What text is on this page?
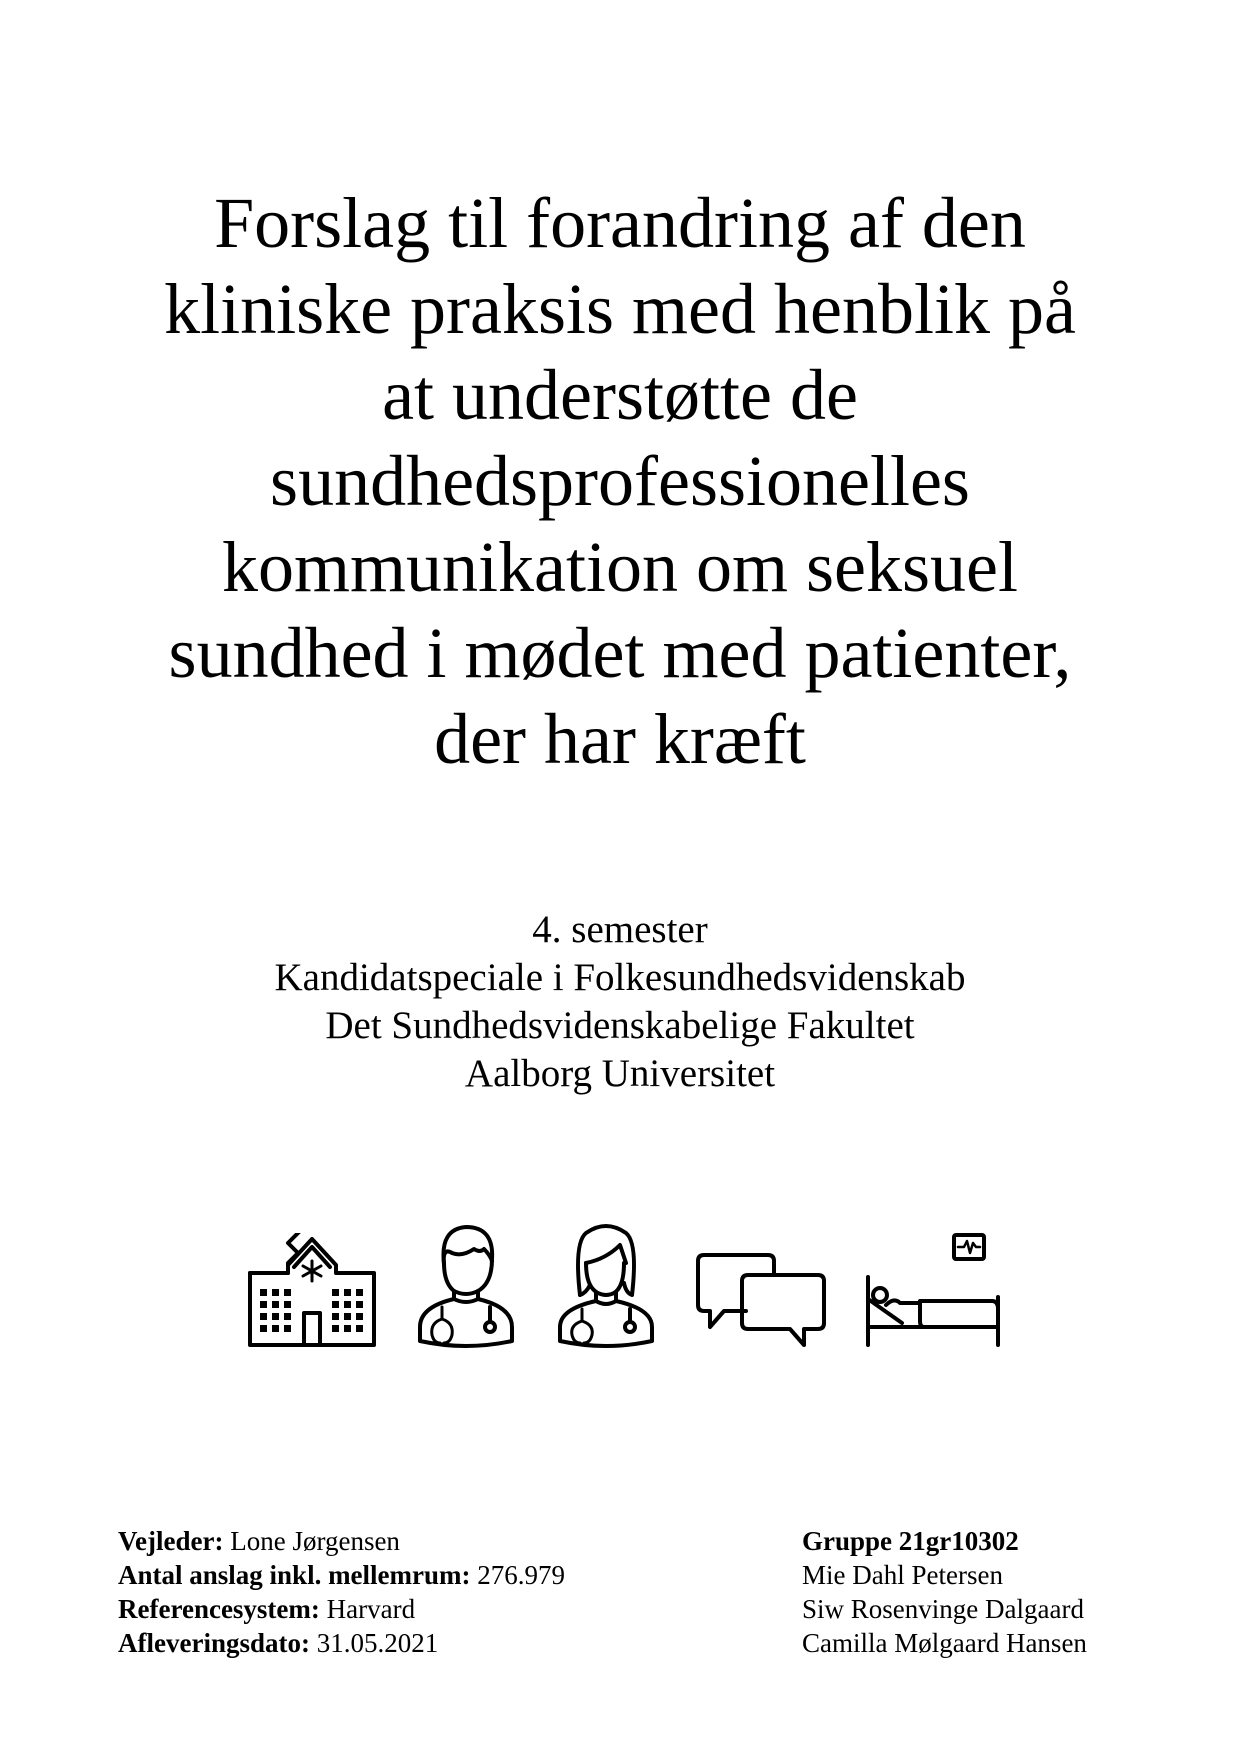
Forslag til forandring af den
kliniske praksis med henblik på
at understøtte de
sundhedsprofessionelles
kommunikation om seksuel
sundhed i mødet med patienter,
der har kræft
4. semester
Kandidatspeciale i Folkesundhedsvidenskab
Det Sundhedsvidenskabelige Fakultet
Aalborg Universitet
Vejleder: Lone Jørgensen
Antal anslag inkl. mellemrum: 276.979
Referencesystem: Harvard
Afleveringsdato: 31.05.2021
Gruppe 21gr10302
Mie Dahl Petersen
Siw Rosenvinge Dalgaard
Camilla Mølgaard Hansen
